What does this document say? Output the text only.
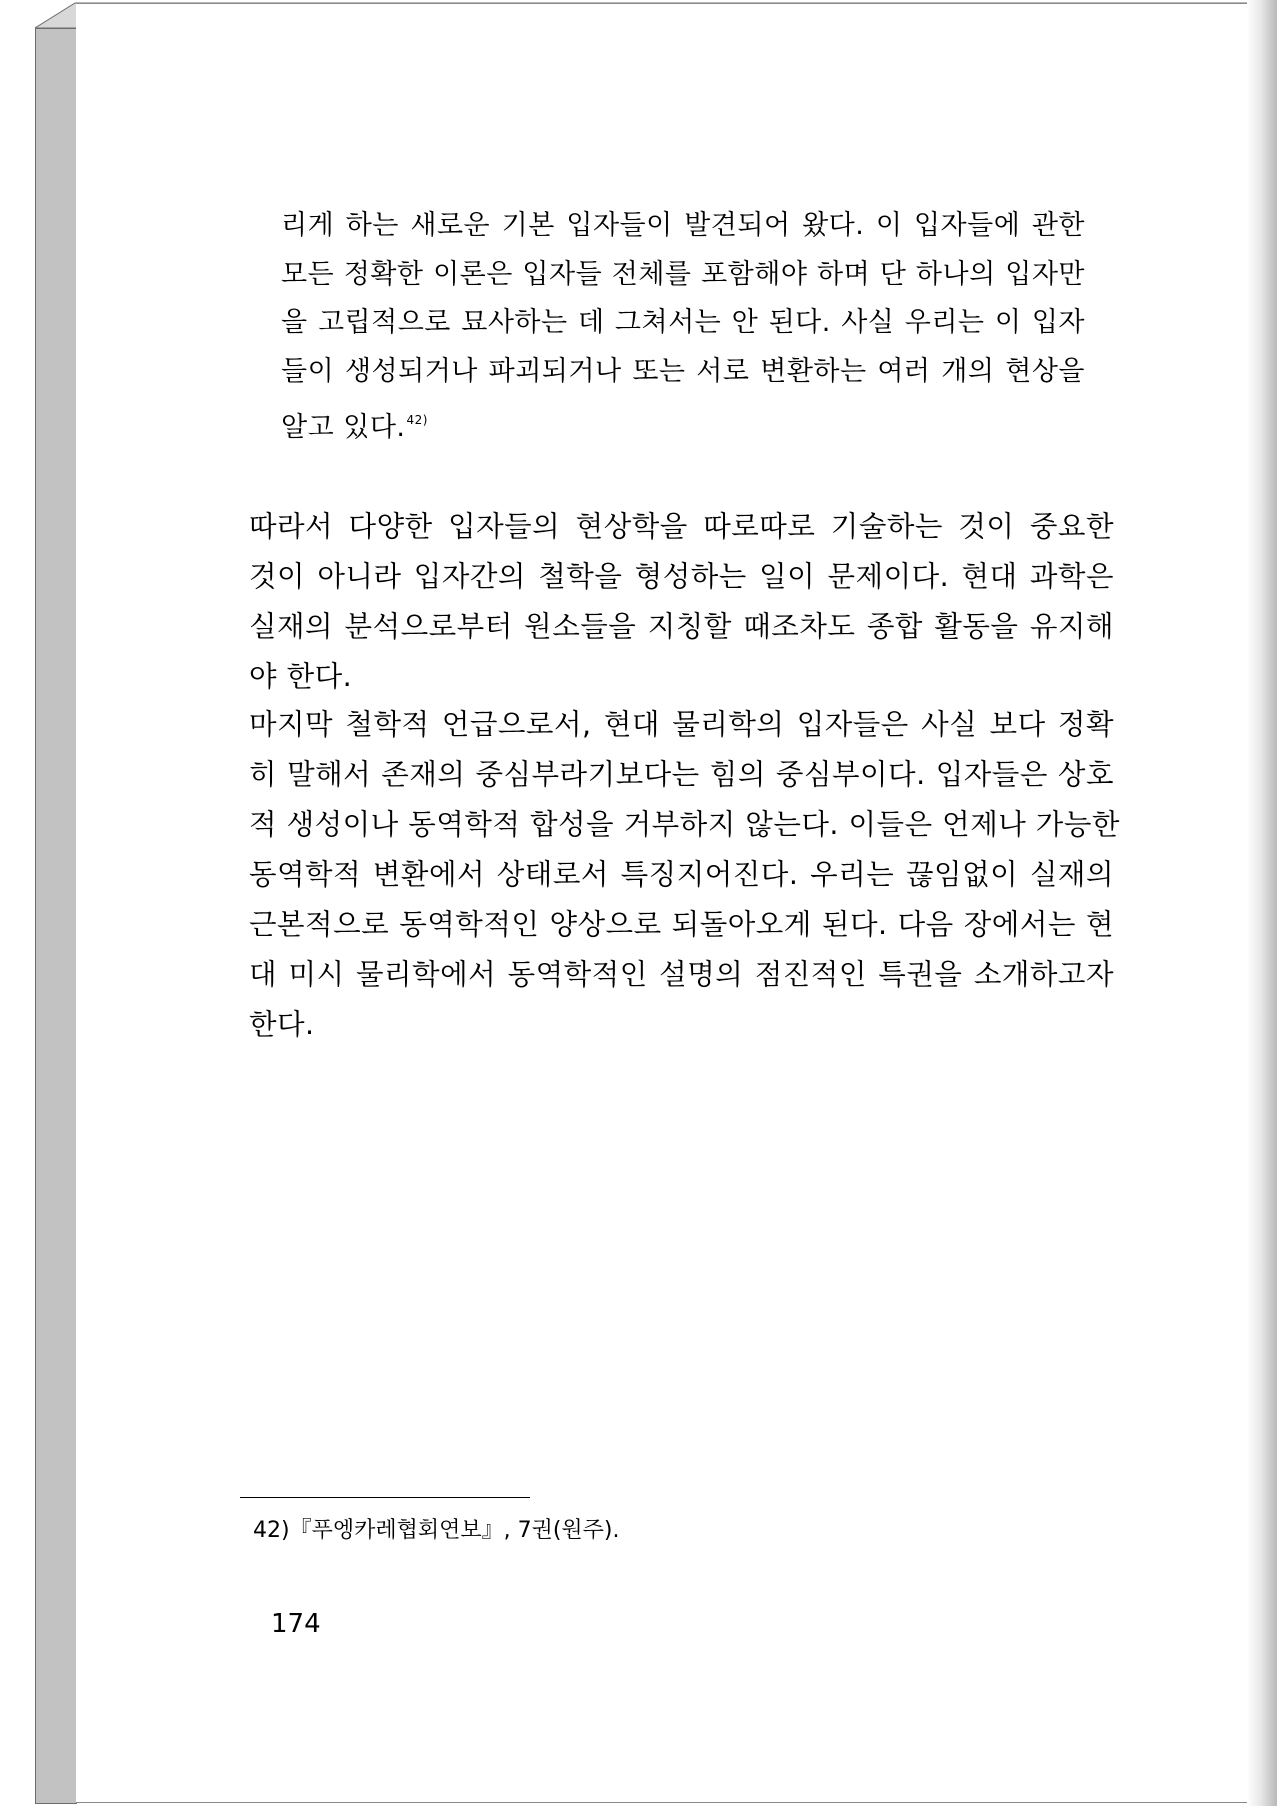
리게 하는 새로운 기본 입자들이 발견되어 왔다. 이 입자들에 관한
모든 정확한 이론은 입자들 전체를 포함해야 하며 단 하나의 입자만
을 고립적으로 묘사하는 데 그쳐서는 안 된다. 사실 우리는 이 입자
들이 생성되거나 파괴되거나 또는 서로 변환하는 여러 개의 현상을
알고 있다.$^{42)}$
따라서 다양한 입자들의 현상학을 따로따로 기술하는 것이 중요한
것이 아니라 입자간의 철학을 형성하는 일이 문제이다. 현대 과학은
실재의 분석으로부터 원소들을 지칭할 때조차도 종합 활동을 유지해
야 한다.
마지막 철학적 언급으로서, 현대 물리학의 입자들은 사실 보다 정확
히 말해서 존재의 중심부라기보다는 힘의 중심부이다. 입자들은 상호
적 생성이나 동역학적 합성을 거부하지 않는다. 이들은 언제나 가능한
동역학적 변환에서 상태로서 특징지어진다. 우리는 끊임없이 실재의
근본적으로 동역학적인 양상으로 되돌아오게 된다. 다음 장에서는 현
대 미시 물리학에서 동역학적인 설명의 점진적인 특권을 소개하고자
한다.
42)『푸엥카레협회연보』, 7권(원주).
174
